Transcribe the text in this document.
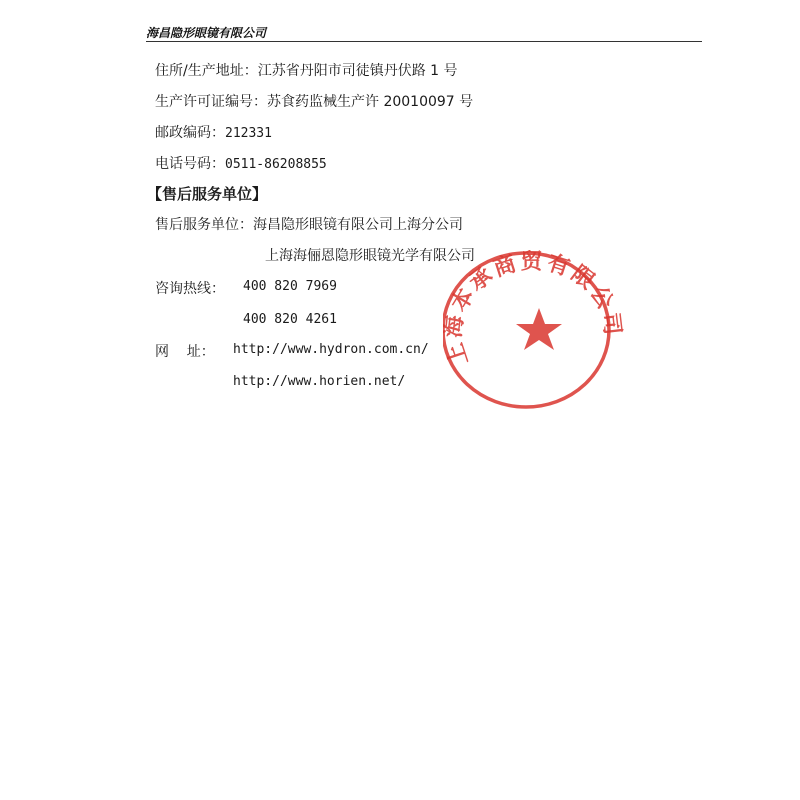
海昌隐形眼镜有限公司
住所/生产地址：江苏省丹阳市司徒镇丹伏路 1 号
生产许可证编号：苏食药监械生产许 20010097 号
邮政编码：212331
电话号码：0511-86208855
【售后服务单位】
售后服务单位：海昌隐形眼镜有限公司上海分公司
上海海俪恩隐形眼镜光学有限公司
咨询热线： 400 820 7969
400 820 4261
网    址： http://www.hydron.com.cn/
http://www.horien.net/
上 本承商贸有限公司
